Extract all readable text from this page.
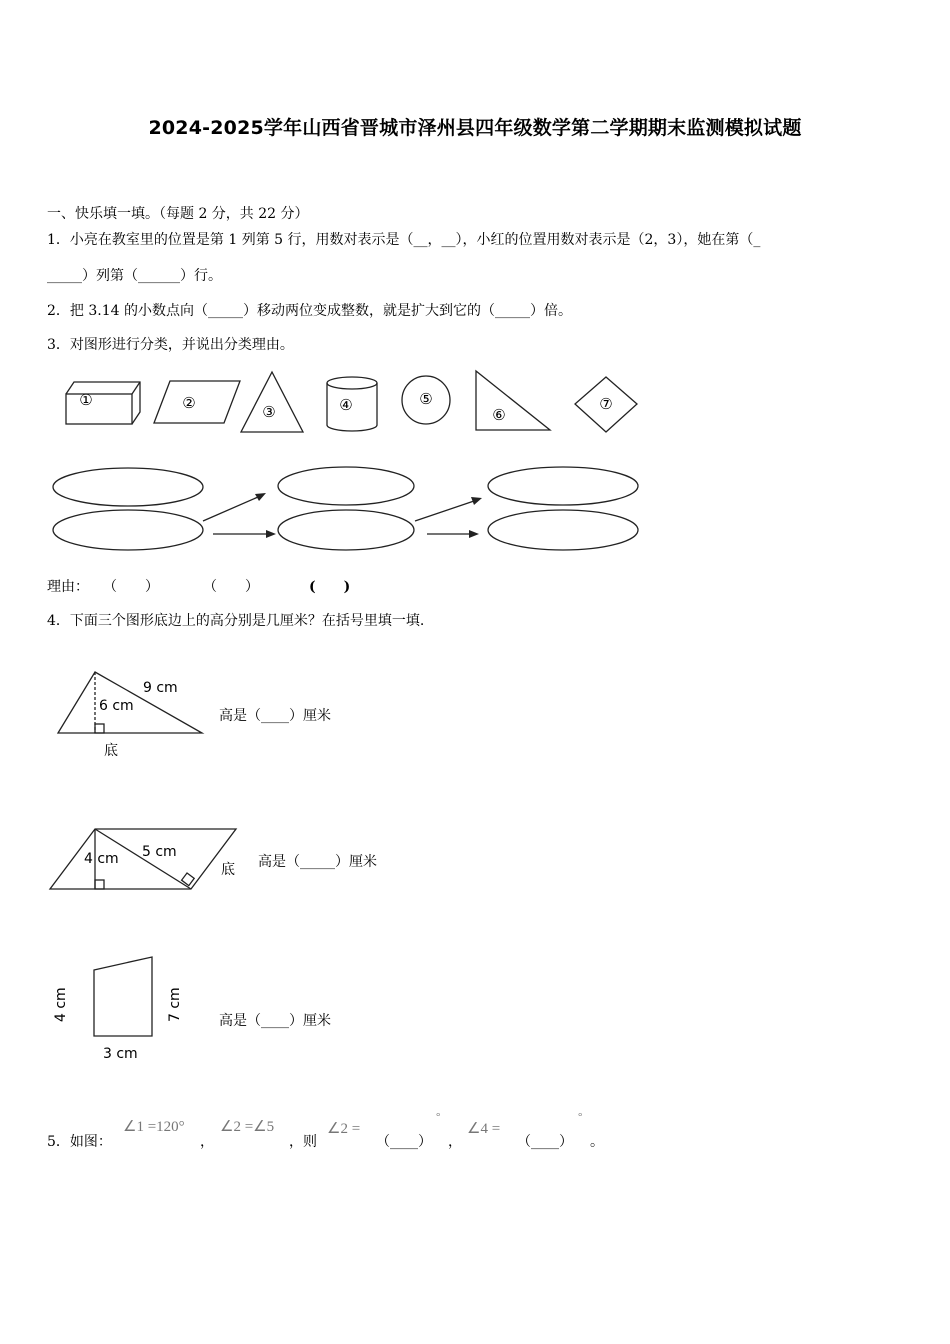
2024-2025学年山西省晋城市泽州县四年级数学第二学期期末监测模拟试题
一、快乐填一填。（每题 2 分，共 22 分）
1．小亮在教室里的位置是第 1 列第 5 行，用数对表示是（__，__），小红的位置用数对表示是（2，3），她在第（_
_____）列第（______）行。
2．把 3.14 的小数点向（_____）移动两位变成整数，就是扩大到它的（_____）倍。
3．对图形进行分类，并说出分类理由。
①	②	③	④	⑤
⑥
⑦
理由： （　　）	（　　）	(　　)
4．下面三个图形底边上的高分别是几厘米？在括号里填一填.
9 cm
6 cm
底
5 cm
4 cm
底
3 cm
4 cm	7 cm
高是（____）厘米
高是（_____）厘米
高是（____）厘米
5．如图：
∠1 =120°
，
∠2 =∠5
，则
∠2 =
（____）
°
，
∠4 =
（____）
°
。
